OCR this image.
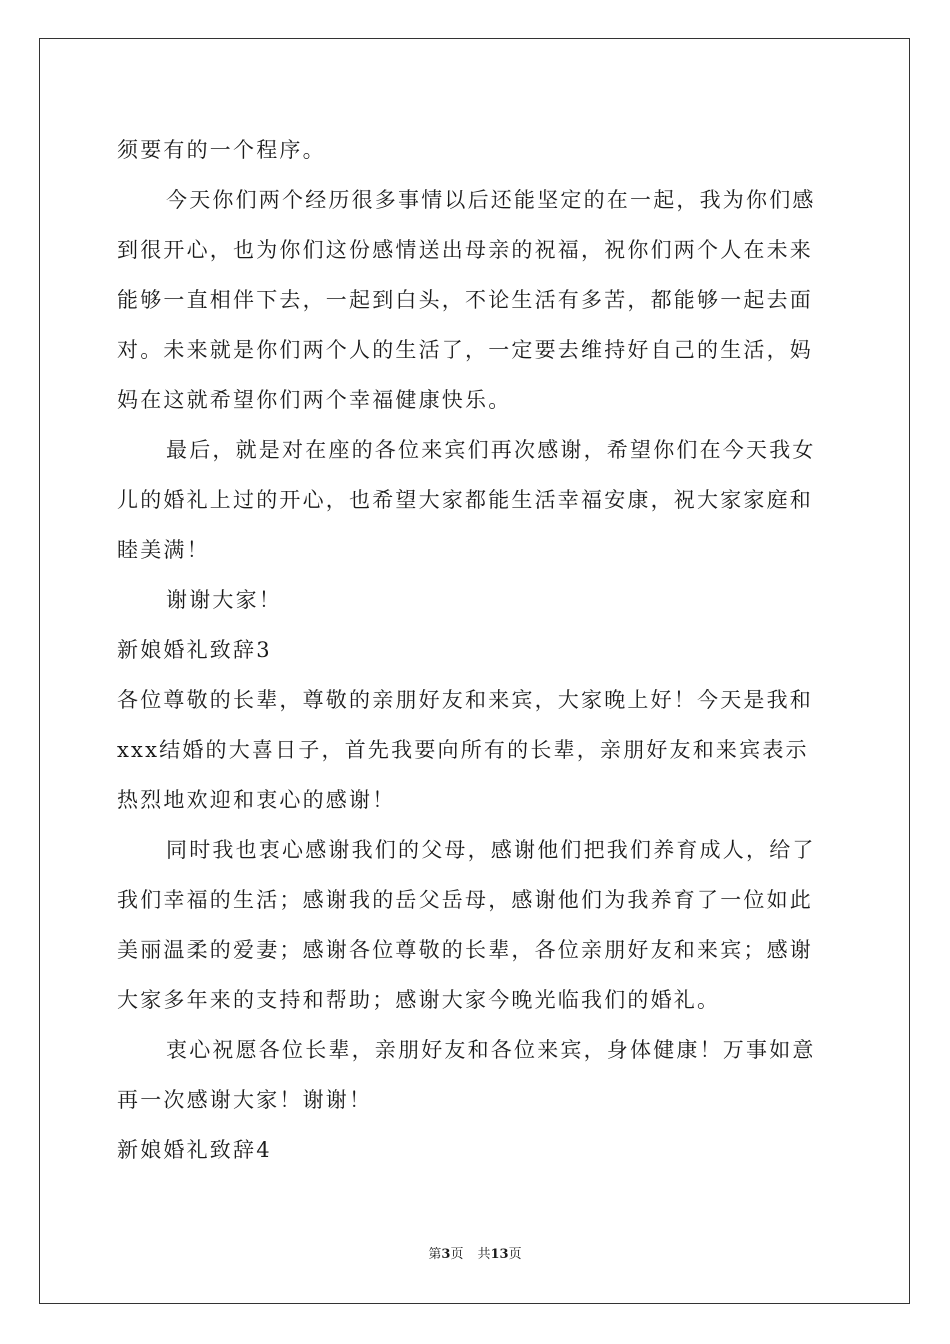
须要有的一个程序。
今天你们两个经历很多事情以后还能坚定的在一起，我为你们感
到很开心，也为你们这份感情送出母亲的祝福，祝你们两个人在未来
能够一直相伴下去，一起到白头，不论生活有多苦，都能够一起去面
对。未来就是你们两个人的生活了，一定要去维持好自己的生活，妈
妈在这就希望你们两个幸福健康快乐。
最后，就是对在座的各位来宾们再次感谢，希望你们在今天我女
儿的婚礼上过的开心，也希望大家都能生活幸福安康，祝大家家庭和
睦美满！
谢谢大家！
新娘婚礼致辞3
各位尊敬的长辈，尊敬的亲朋好友和来宾，大家晚上好！今天是我和
xxx结婚的大喜日子，首先我要向所有的长辈，亲朋好友和来宾表示
热烈地欢迎和衷心的感谢！
同时我也衷心感谢我们的父母，感谢他们把我们养育成人，给了
我们幸福的生活；感谢我的岳父岳母，感谢他们为我养育了一位如此
美丽温柔的爱妻；感谢各位尊敬的长辈，各位亲朋好友和来宾；感谢
大家多年来的支持和帮助；感谢大家今晚光临我们的婚礼。
衷心祝愿各位长辈，亲朋好友和各位来宾，身体健康！万事如意
再一次感谢大家！谢谢！
新娘婚礼致辞4
第3页 共13页
